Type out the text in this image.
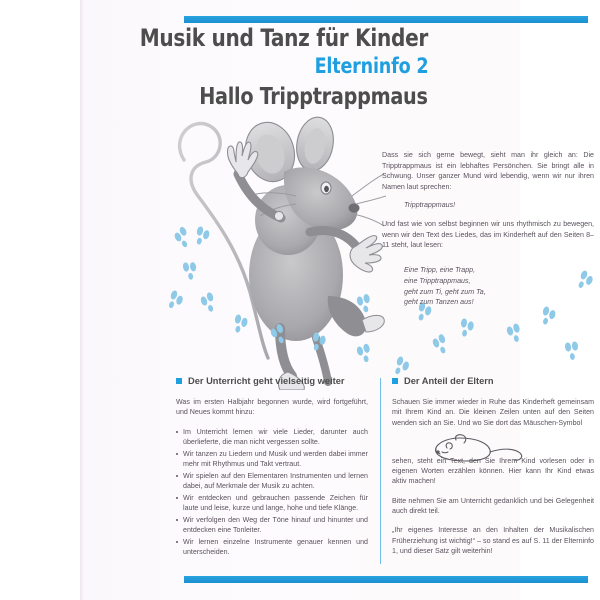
Musik und Tanz für Kinder
Elterninfo 2
Hallo Tripptrappmaus

Dass sie sich gerne bewegt, sieht man ihr gleich an: Die Tripptrappmaus ist ein lebhaftes Persönchen. Sie bringt alle in Schwung. Unser ganzer Mund wird lebendig, wenn wir nur ihren Namen laut sprechen:

Tripptrappmaus!

Und fast wie von selbst beginnen wir uns rhythmisch zu bewegen, wenn wir den Text des Liedes, das im Kinderheft auf den Seiten 8–11 steht, laut lesen:

Eine Tripp, eine Trapp,
eine Tripptrappmaus,
geht zum Ti, geht zum Ta,
geht zum Tanzen aus!
Der Unterricht geht vielseitig weiter

Was im ersten Halbjahr begonnen wurde, wird fortgeführt, und Neues kommt hinzu:

Im Unterricht lernen wir viele Lieder, darunter auch überlieferte, die man nicht vergessen sollte.
Wir tanzen zu Liedern und Musik und werden dabei immer mehr mit Rhythmus und Takt vertraut.
Wir spielen auf den Elementaren Instrumenten und lernen dabei, auf Merkmale der Musik zu achten.
Wir entdecken und gebrauchen passende Zeichen für laute und leise, kurze und lange, hohe und tiefe Klänge.
Wir verfolgen den Weg der Töne hinauf und hinunter und entdecken eine Tonleiter.
Wir lernen einzelne Instrumente genauer kennen und unterscheiden.
Der Anteil der Eltern

Schauen Sie immer wieder in Ruhe das Kinderheft gemeinsam mit Ihrem Kind an. Die kleinen Zeilen unten auf den Seiten wenden sich an Sie. Und wo Sie dort das Mäuschen-Symbol

sehen, steht ein Text, den Sie Ihrem Kind vorlesen oder in eigenen Worten erzählen können. Hier kann Ihr Kind etwas aktiv machen!

Bitte nehmen Sie am Unterricht gedanklich und bei Gelegenheit auch direkt teil.

„Ihr eigenes Interesse an den Inhalten der Musikalischen Früherziehung ist wichtig!“ – so stand es auf S. 11 der Elterninfo 1, und dieser Satz gilt weiterhin!
